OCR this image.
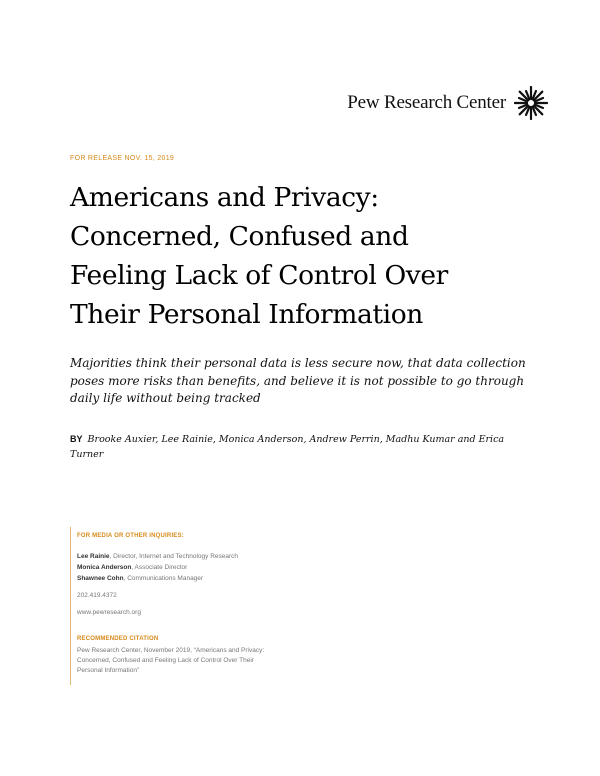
Pew Research Center
FOR RELEASE NOV. 15, 2019
Americans and Privacy:
Concerned, Confused and
Feeling Lack of Control Over
Their Personal Information

Majorities think their personal data is less secure now, that data collection poses more risks than benefits, and believe it is not possible to go through daily life without being tracked

BY Brooke Auxier, Lee Rainie, Monica Anderson, Andrew Perrin, Madhu Kumar and Erica Turner
FOR MEDIA OR OTHER INQUIRIES:
Lee Rainie, Director, Internet and Technology Research
Monica Anderson, Associate Director
Shawnee Cohn, Communications Manager
202.419.4372
www.pewresearch.org
RECOMMENDED CITATION
Pew Research Center, November 2019, “Americans and Privacy: Concerned, Confused and Feeling Lack of Control Over Their Personal Information”
